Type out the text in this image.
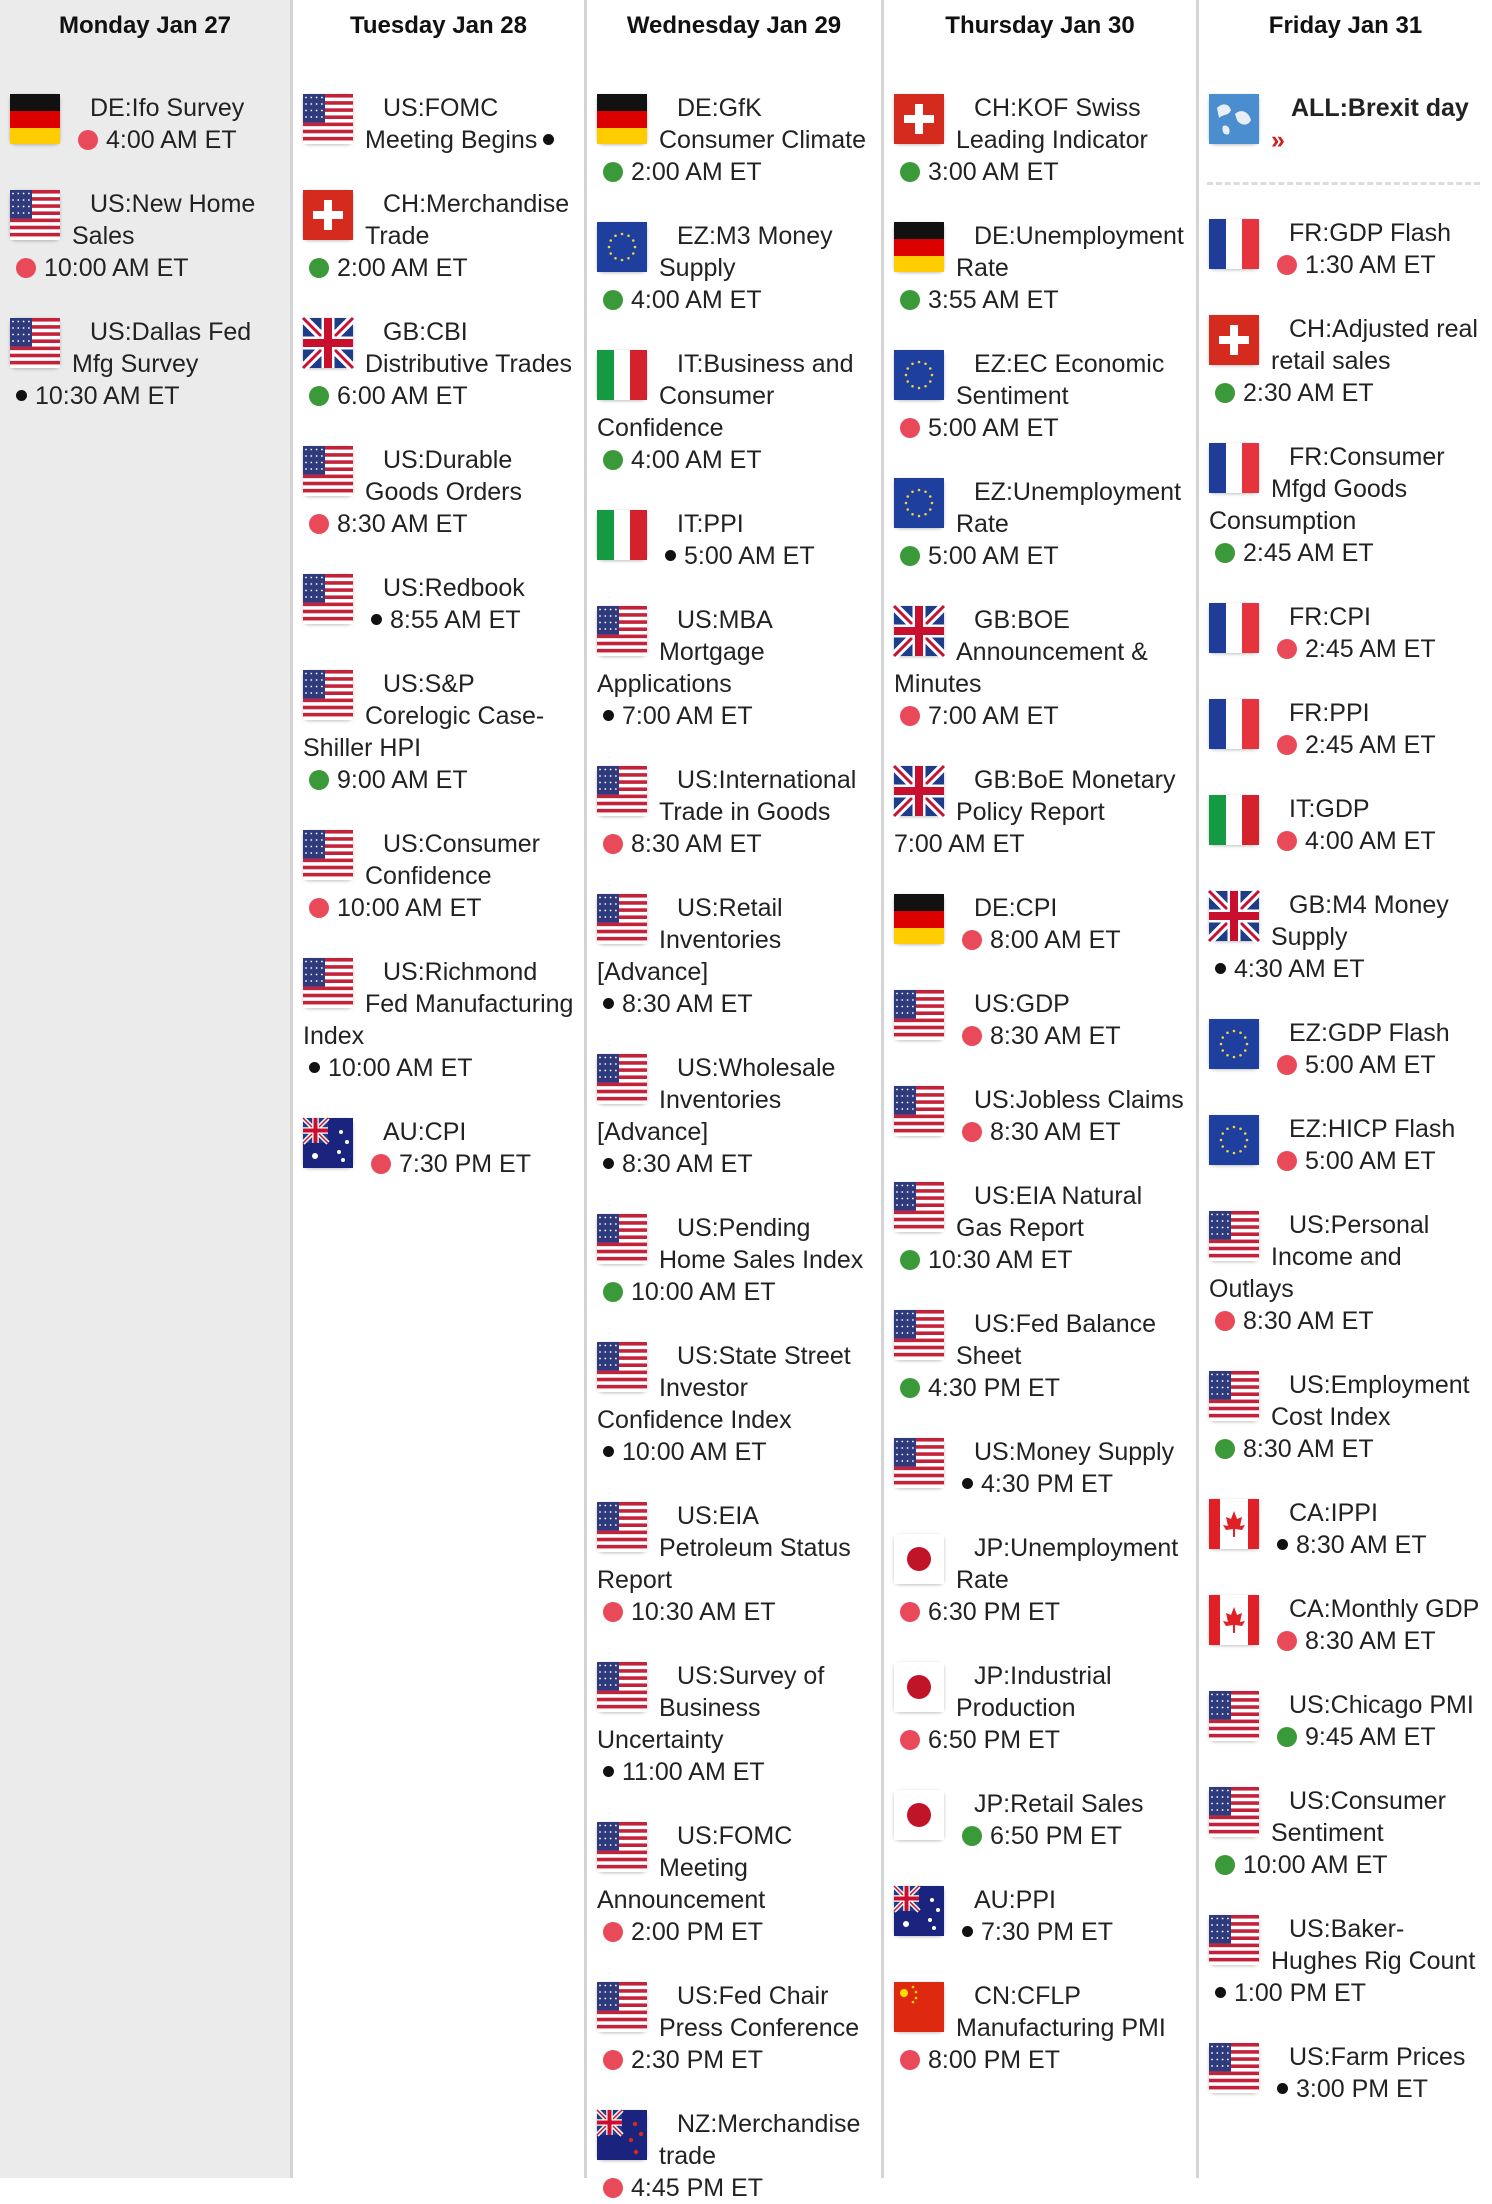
Monday Jan 27
DE:Ifo Survey
4:00 AM ET
US:New Home Sales
10:00 AM ET
US:Dallas Fed Mfg Survey
10:30 AM ET
Tuesday Jan 28
US:FOMC Meeting Begins
CH:Merchandise Trade
2:00 AM ET
GB:CBI Distributive Trades
6:00 AM ET
US:Durable Goods Orders
8:30 AM ET
US:Redbook
8:55 AM ET
US:S&P Corelogic Case-Shiller HPI
9:00 AM ET
US:Consumer Confidence
10:00 AM ET
US:Richmond Fed Manufacturing Index
10:00 AM ET
AU:CPI
7:30 PM ET
Wednesday Jan 29
DE:GfK Consumer Climate
2:00 AM ET
EZ:M3 Money Supply
4:00 AM ET
IT:Business and Consumer Confidence
4:00 AM ET
IT:PPI
5:00 AM ET
US:MBA Mortgage Applications
7:00 AM ET
US:International Trade in Goods
8:30 AM ET
US:Retail Inventories [Advance]
8:30 AM ET
US:Wholesale Inventories [Advance]
8:30 AM ET
US:Pending Home Sales Index
10:00 AM ET
US:State Street Investor Confidence Index
10:00 AM ET
US:EIA Petroleum Status Report
10:30 AM ET
US:Survey of Business Uncertainty
11:00 AM ET
US:FOMC Meeting Announcement
2:00 PM ET
US:Fed Chair Press Conference
2:30 PM ET
NZ:Merchandise trade
4:45 PM ET
Thursday Jan 30
CH:KOF Swiss Leading Indicator
3:00 AM ET
DE:Unemployment Rate
3:55 AM ET
EZ:EC Economic Sentiment
5:00 AM ET
EZ:Unemployment Rate
5:00 AM ET
GB:BOE Announcement & Minutes
7:00 AM ET
GB:BoE Monetary Policy Report
7:00 AM ET
DE:CPI
8:00 AM ET
US:GDP
8:30 AM ET
US:Jobless Claims
8:30 AM ET
US:EIA Natural Gas Report
10:30 AM ET
US:Fed Balance Sheet
4:30 PM ET
US:Money Supply
4:30 PM ET
JP:Unemployment Rate
6:30 PM ET
JP:Industrial Production
6:50 PM ET
JP:Retail Sales
6:50 PM ET
AU:PPI
7:30 PM ET
CN:CFLP Manufacturing PMI
8:00 PM ET
Friday Jan 31
ALL:Brexit day »
FR:GDP Flash
1:30 AM ET
CH:Adjusted real retail sales
2:30 AM ET
FR:Consumer Mfgd Goods Consumption
2:45 AM ET
FR:CPI
2:45 AM ET
FR:PPI
2:45 AM ET
IT:GDP
4:00 AM ET
GB:M4 Money Supply
4:30 AM ET
EZ:GDP Flash
5:00 AM ET
EZ:HICP Flash
5:00 AM ET
US:Personal Income and Outlays
8:30 AM ET
US:Employment Cost Index
8:30 AM ET
CA:IPPI
8:30 AM ET
CA:Monthly GDP
8:30 AM ET
US:Chicago PMI
9:45 AM ET
US:Consumer Sentiment
10:00 AM ET
US:Baker-Hughes Rig Count
1:00 PM ET
US:Farm Prices
3:00 PM ET
